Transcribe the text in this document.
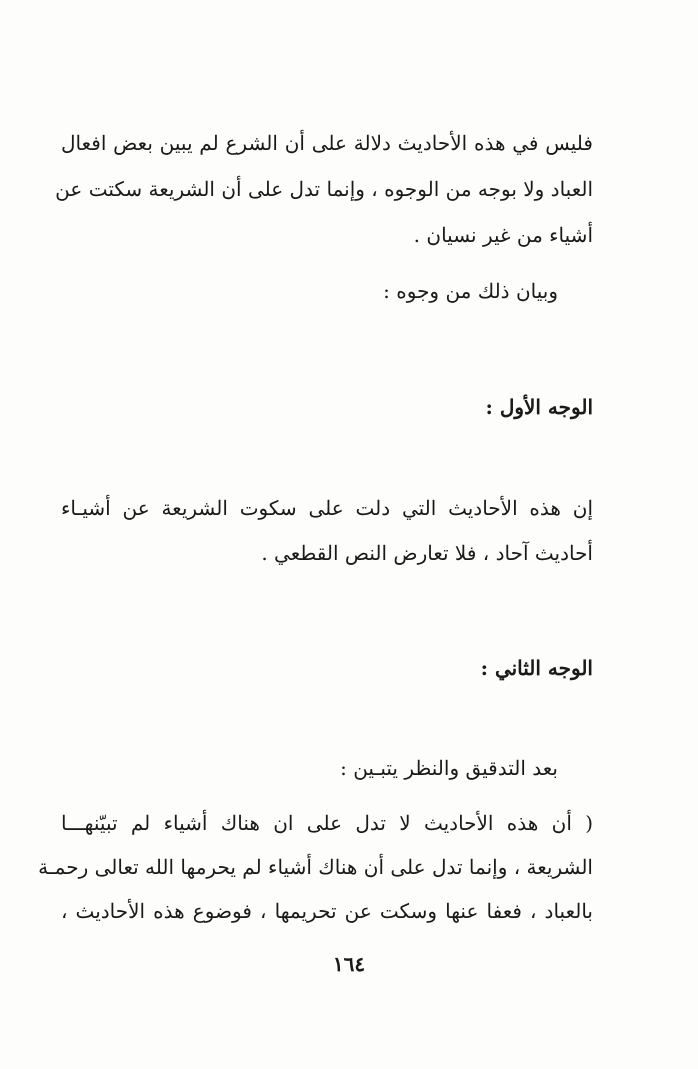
فليس في هذه الأحاديث دلالة على أن الشرع لم يبين بعض افعال
العباد ولا بوجه من الوجوه ، وإنما تدل على أن الشريعة سكتت عن
أشياء من غير نسيان .
وبيان ذلك من وجوه :
الوجه الأول :
إن هذه الأحاديث التي دلت على سكوت الشريعة عن أشيـاء
أحاديث آحاد ، فلا تعارض النص القطعي .
الوجه الثاني :
بعد التدقيق والنظر يتبـين :
( أن هذه الأحاديث لا تدل على ان هناك أشياء لم تبيّنهـــا
الشريعة ، وإنما تدل على أن هناك أشياء لم يحرمها الله تعالى رحمـة
بالعباد ، فعفا عنها وسكت عن تحريمها ، فوضوع هذه الأحاديث ،
١٦٤
